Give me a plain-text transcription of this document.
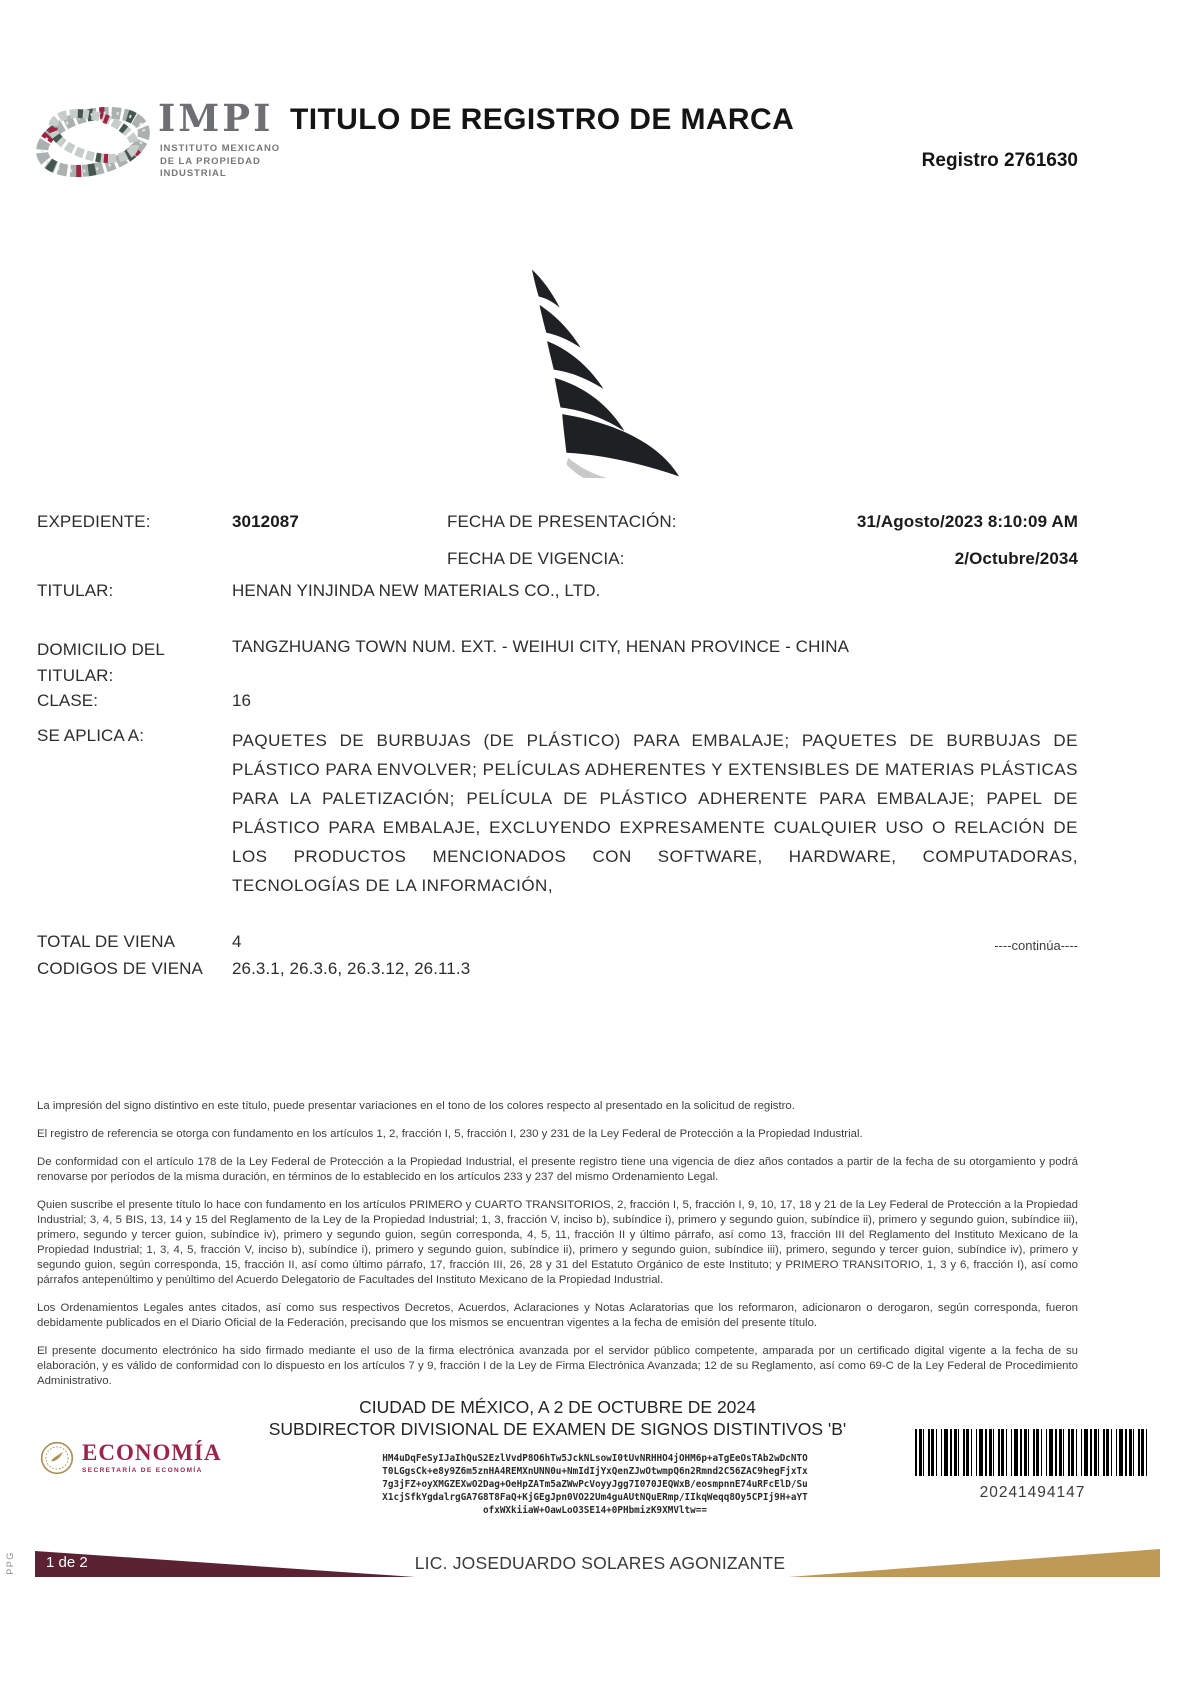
IMPI
INSTITUTO MEXICANO
DE LA PROPIEDAD
INDUSTRIAL
TITULO DE REGISTRO DE MARCA
Registro 2761630
EXPEDIENTE:	3012087	FECHA DE PRESENTACIÓN:	31/Agosto/2023 8:10:09 AM
FECHA DE VIGENCIA:	2/Octubre/2034
TITULAR:	HENAN YINJINDA NEW MATERIALS CO., LTD.
DOMICILIO DEL TITULAR:
TANGZHUANG TOWN NUM. EXT. - WEIHUI CITY, HENAN PROVINCE - CHINA
CLASE:	16
SE APLICA A:	PAQUETES DE BURBUJAS (DE PLÁSTICO) PARA EMBALAJE; PAQUETES DE BURBUJAS DE PLÁSTICO PARA ENVOLVER; PELÍCULAS ADHERENTES Y EXTENSIBLES DE MATERIAS PLÁSTICAS PARA LA PALETIZACIÓN; PELÍCULA DE PLÁSTICO ADHERENTE PARA EMBALAJE; PAPEL DE PLÁSTICO PARA EMBALAJE, EXCLUYENDO EXPRESAMENTE CUALQUIER USO O RELACIÓN DE LOS PRODUCTOS MENCIONADOS CON SOFTWARE, HARDWARE, COMPUTADORAS, TECNOLOGÍAS DE LA INFORMACIÓN,
----continúa----
TOTAL DE VIENA	4
CODIGOS DE VIENA 26.3.1, 26.3.6, 26.3.12, 26.11.3

La impresión del signo distintivo en este título, puede presentar variaciones en el tono de los colores respecto al presentado en la solicitud de registro.

El registro de referencia se otorga con fundamento en los artículos 1, 2, fracción I, 5, fracción I, 230 y 231 de la Ley Federal de Protección a la Propiedad Industrial.

De conformidad con el artículo 178 de la Ley Federal de Protección a la Propiedad Industrial, el presente registro tiene una vigencia de diez años contados a partir de la fecha de su otorgamiento y podrá renovarse por períodos de la misma duración, en términos de lo establecido en los artículos 233 y 237 del mismo Ordenamiento Legal.

Quien suscribe el presente título lo hace con fundamento en los artículos PRIMERO y CUARTO TRANSITORIOS, 2, fracción I, 5, fracción I, 9, 10, 17, 18 y 21 de la Ley Federal de Protección a la Propiedad Industrial; 3, 4, 5 BIS, 13, 14 y 15 del Reglamento de la Ley de la Propiedad Industrial; 1, 3, fracción V, inciso b), subíndice i), primero y segundo guion, subíndice ii), primero y segundo guion, subíndice iii), primero, segundo y tercer guion, subíndice iv), primero y segundo guion, según corresponda, 4, 5, 11, fracción II y último párrafo, así como 13, fracción III del Reglamento del Instituto Mexicano de la Propiedad Industrial; 1, 3, 4, 5, fracción V, inciso b), subíndice i), primero y segundo guion, subíndice ii), primero y segundo guion, subíndice iii), primero, segundo y tercer guion, subíndice iv), primero y segundo guion, según corresponda, 15, fracción II, así como último párrafo, 17, fracción III, 26, 28 y 31 del Estatuto Orgánico de este Instituto; y PRIMERO TRANSITORIO, 1, 3 y 6, fracción I), así como párrafos antepenúltimo y penúltimo del Acuerdo Delegatorio de Facultades del Instituto Mexicano de la Propiedad Industrial.

Los Ordenamientos Legales antes citados, así como sus respectivos Decretos, Acuerdos, Aclaraciones y Notas Aclaratorias que los reformaron, adicionaron o derogaron, según corresponda, fueron debidamente publicados en el Diario Oficial de la Federación, precisando que los mismos se encuentran vigentes a la fecha de emisión del presente título.

El presente documento electrónico ha sido firmado mediante el uso de la firma electrónica avanzada por el servidor público competente, amparada por un certificado digital vigente a la fecha de su elaboración, y es válido de conformidad con lo dispuesto en los artículos 7 y 9, fracción I de la Ley de Firma Electrónica Avanzada; 12 de su Reglamento, así como 69-C de la Ley Federal de Procedimiento Administrativo.

CIUDAD DE MÉXICO, A 2 DE OCTUBRE DE 2024
SUBDIRECTOR DIVISIONAL DE EXAMEN DE SIGNOS DISTINTIVOS 'B'
ECONOMÍA
SECRETARÍA DE ECONOMÍA
HM4uDqFeSyIJaIhQuS2EzlVvdP8O6hTw5JckNLsowI0tUvNRHHO4jOHM6p+aTgEeOsTAb2wDcNTO
T0LGgsCk+e8y9Z6m5znHA4REMXnUNN0u+NmIdIjYxQenZJwOtwmpQ6n2Rmnd2C56ZAC9hegFjxTx
7g3jFZ+oyXMGZEXwO2Dag+OeHpZATm5aZWwPcVoyyJgg7I070JEQWxB/eosmpnnE74uRFcElD/Su
X1cjSfkYgdalrgGA7G8T8FaQ+KjGEgJpn0VO22Um4guAUtNQuERmp/IIkqWeqq8Oy5CPIj9H+aYT
ofxWXkiiaW+OawLoO3SE14+0PHbmizK9XMVltw==
20241494147
1 de 2	LIC. JOSEDUARDO SOLARES AGONIZANTE
PPG
